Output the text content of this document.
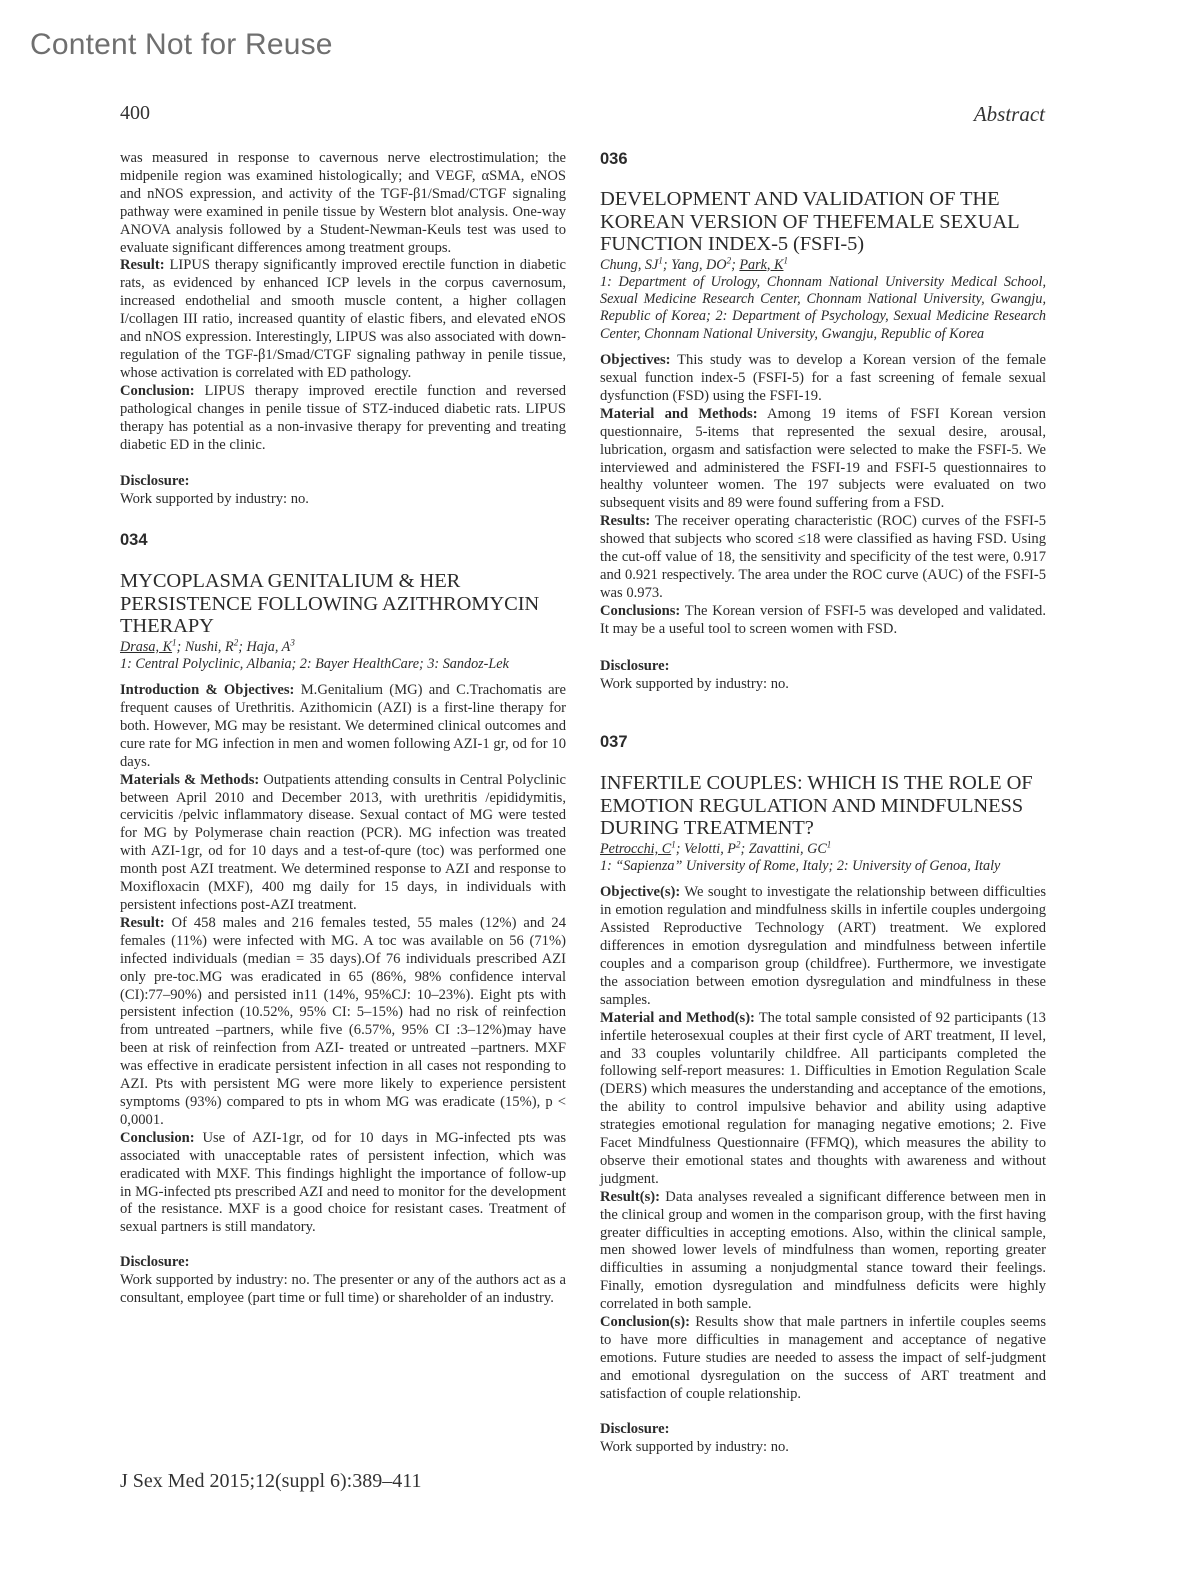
Content Not for Reuse
400	Abstract

was measured in response to cavernous nerve electrostimulation; the midpenile region was examined histologically; and VEGF, αSMA, eNOS and nNOS expression, and activity of the TGF-β1/Smad/CTGF signaling pathway were examined in penile tissue by Western blot analysis. One-way ANOVA analysis followed by a Student-Newman-Keuls test was used to evaluate significant differences among treatment groups.

Result: LIPUS therapy significantly improved erectile function in diabetic rats, as evidenced by enhanced ICP levels in the corpus cavernosum, increased endothelial and smooth muscle content, a higher collagen I/collagen III ratio, increased quantity of elastic fibers, and elevated eNOS and nNOS expression. Interestingly, LIPUS was also associated with down-regulation of the TGF-β1/Smad/CTGF signaling pathway in penile tissue, whose activation is correlated with ED pathology.

Conclusion: LIPUS therapy improved erectile function and reversed pathological changes in penile tissue of STZ-induced diabetic rats. LIPUS therapy has potential as a non-invasive therapy for preventing and treating diabetic ED in the clinic.

Disclosure:

Work supported by industry: no.

034

MYCOPLASMA GENITALIUM & HER PERSISTENCE FOLLOWING AZITHROMYCIN THERAPY

Drasa, $K^1$; Nushi, $R^2$; Haja, $A^3$

1: Central Polyclinic, Albania; 2: Bayer HealthCare; 3: Sandoz-Lek

Introduction & Objectives: M.Genitalium (MG) and C.Trachomatis are frequent causes of Urethritis. Azithomicin (AZI) is a first-line therapy for both. However, MG may be resistant. We determined clinical outcomes and cure rate for MG infection in men and women following AZI-1 gr, od for 10 days.

Materials & Methods: Outpatients attending consults in Central Polyclinic between April 2010 and December 2013, with urethritis /epididymitis, cervicitis /pelvic inflammatory disease. Sexual contact of MG were tested for MG by Polymerase chain reaction (PCR). MG infection was treated with AZI-1gr, od for 10 days and a test-of-qure (toc) was performed one month post AZI treatment. We determined response to AZI and response to Moxifloxacin (MXF), 400 mg daily for 15 days, in individuals with persistent infections post-AZI treatment.

Result: Of 458 males and 216 females tested, 55 males (12%) and 24 females (11%) were infected with MG. A toc was available on 56 (71%) infected individuals (median = 35 days).Of 76 individuals prescribed AZI only pre-toc.MG was eradicated in 65 (86%, 98% confidence interval (CI):77–90%) and persisted in11 (14%, 95%CJ: 10–23%). Eight pts with persistent infection (10.52%, 95% CI: 5–15%) had no risk of reinfection from untreated –partners, while five (6.57%, 95% CI :3–12%)may have been at risk of reinfection from AZI- treated or untreated –partners. MXF was effective in eradicate persistent infection in all cases not responding to AZI. Pts with persistent MG were more likely to experience persistent symptoms (93%) compared to pts in whom MG was eradicate (15%), p < 0,0001.

Conclusion: Use of AZI-1gr, od for 10 days in MG-infected pts was associated with unacceptable rates of persistent infection, which was eradicated with MXF. This findings highlight the importance of follow-up in MG-infected pts prescribed AZI and need to monitor for the development of the resistance. MXF is a good choice for resistant cases. Treatment of sexual partners is still mandatory.

Disclosure:

Work supported by industry: no. The presenter or any of the authors act as a consultant, employee (part time or full time) or shareholder of an industry.

036

DEVELOPMENT AND VALIDATION OF THE KOREAN VERSION OF THEFEMALE SEXUAL FUNCTION INDEX-5 (FSFI-5)

Chung, $SJ^1$; Yang, $DO^2$; Park, $K^1$

1: Department of Urology, Chonnam National University Medical School, Sexual Medicine Research Center, Chonnam National University, Gwangju, Republic of Korea; 2: Department of Psychology, Sexual Medicine Research Center, Chonnam National University, Gwangju, Republic of Korea

Objectives: This study was to develop a Korean version of the female sexual function index-5 (FSFI-5) for a fast screening of female sexual dysfunction (FSD) using the FSFI-19.

Material and Methods: Among 19 items of FSFI Korean version questionnaire, 5-items that represented the sexual desire, arousal, lubrication, orgasm and satisfaction were selected to make the FSFI-5. We interviewed and administered the FSFI-19 and FSFI-5 questionnaires to healthy volunteer women. The 197 subjects were evaluated on two subsequent visits and 89 were found suffering from a FSD.

Results: The receiver operating characteristic (ROC) curves of the FSFI-5 showed that subjects who scored ≤18 were classified as having FSD. Using the cut-off value of 18, the sensitivity and specificity of the test were, 0.917 and 0.921 respectively. The area under the ROC curve (AUC) of the FSFI-5 was 0.973.

Conclusions: The Korean version of FSFI-5 was developed and validated. It may be a useful tool to screen women with FSD.

Disclosure:

Work supported by industry: no.

037

INFERTILE COUPLES: WHICH IS THE ROLE OF EMOTION REGULATION AND MINDFULNESS DURING TREATMENT?

Petrocchi, $C^1$; Velotti, $P^2$; Zavattini, $GC^1$

1: “Sapienza” University of Rome, Italy; 2: University of Genoa, Italy

Objective(s): We sought to investigate the relationship between difficulties in emotion regulation and mindfulness skills in infertile couples undergoing Assisted Reproductive Technology (ART) treatment. We explored differences in emotion dysregulation and mindfulness between infertile couples and a comparison group (childfree). Furthermore, we investigate the association between emotion dysregulation and mindfulness in these samples.

Material and Method(s): The total sample consisted of 92 participants (13 infertile heterosexual couples at their first cycle of ART treatment, II level, and 33 couples voluntarily childfree. All participants completed the following self-report measures: 1. Difficulties in Emotion Regulation Scale (DERS) which measures the understanding and acceptance of the emotions, the ability to control impulsive behavior and ability using adaptive strategies emotional regulation for managing negative emotions; 2. Five Facet Mindfulness Questionnaire (FFMQ), which measures the ability to observe their emotional states and thoughts with awareness and without judgment.

Result(s): Data analyses revealed a significant difference between men in the clinical group and women in the comparison group, with the first having greater difficulties in accepting emotions. Also, within the clinical sample, men showed lower levels of mindfulness than women, reporting greater difficulties in assuming a nonjudgmental stance toward their feelings. Finally, emotion dysregulation and mindfulness deficits were highly correlated in both sample.

Conclusion(s): Results show that male partners in infertile couples seems to have more difficulties in management and acceptance of negative emotions. Future studies are needed to assess the impact of self-judgment and emotional dysregulation on the success of ART treatment and satisfaction of couple relationship.

Disclosure:

Work supported by industry: no.

J Sex Med 2015;12(suppl 6):389–411
